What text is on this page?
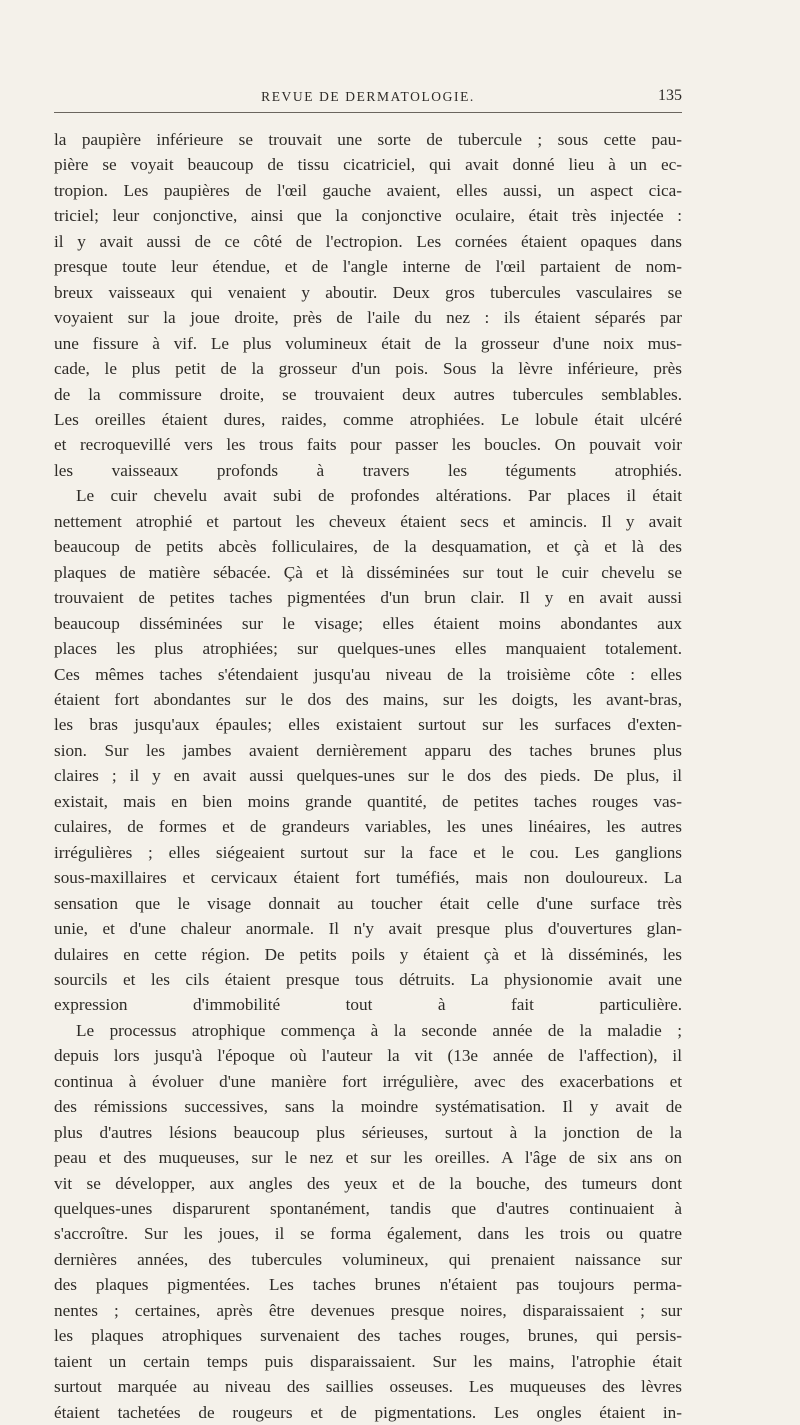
REVUE DE DERMATOLOGIE.	135
la paupière inférieure se trouvait une sorte de tubercule ; sous cette pau-
pière se voyait beaucoup de tissu cicatriciel, qui avait donné lieu à un ec-
tropion. Les paupières de l'œil gauche avaient, elles aussi, un aspect cica-
triciel; leur conjonctive, ainsi que la conjonctive oculaire, était très injectée :
il y avait aussi de ce côté de l'ectropion. Les cornées étaient opaques dans
presque toute leur étendue, et de l'angle interne de l'œil partaient de nom-
breux vaisseaux qui venaient y aboutir. Deux gros tubercules vasculaires se
voyaient sur la joue droite, près de l'aile du nez : ils étaient séparés par
une fissure à vif. Le plus volumineux était de la grosseur d'une noix mus-
cade, le plus petit de la grosseur d'un pois. Sous la lèvre inférieure, près
de la commissure droite, se trouvaient deux autres tubercules semblables.
Les oreilles étaient dures, raides, comme atrophiées. Le lobule était ulcéré
et recroquevillé vers les trous faits pour passer les boucles. On pouvait voir
les vaisseaux profonds à travers les téguments atrophiés.
Le cuir chevelu avait subi de profondes altérations. Par places il était
nettement atrophié et partout les cheveux étaient secs et amincis. Il y avait
beaucoup de petits abcès folliculaires, de la desquamation, et çà et là des
plaques de matière sébacée. Çà et là disséminées sur tout le cuir chevelu se
trouvaient de petites taches pigmentées d'un brun clair. Il y en avait aussi
beaucoup disséminées sur le visage; elles étaient moins abondantes aux
places les plus atrophiées; sur quelques-unes elles manquaient totalement.
Ces mêmes taches s'étendaient jusqu'au niveau de la troisième côte : elles
étaient fort abondantes sur le dos des mains, sur les doigts, les avant-bras,
les bras jusqu'aux épaules; elles existaient surtout sur les surfaces d'exten-
sion. Sur les jambes avaient dernièrement apparu des taches brunes plus
claires ; il y en avait aussi quelques-unes sur le dos des pieds. De plus, il
existait, mais en bien moins grande quantité, de petites taches rouges vas-
culaires, de formes et de grandeurs variables, les unes linéaires, les autres
irrégulières ; elles siégeaient surtout sur la face et le cou. Les ganglions
sous-maxillaires et cervicaux étaient fort tuméfiés, mais non douloureux. La
sensation que le visage donnait au toucher était celle d'une surface très
unie, et d'une chaleur anormale. Il n'y avait presque plus d'ouvertures glan-
dulaires en cette région. De petits poils y étaient çà et là disséminés, les
sourcils et les cils étaient presque tous détruits. La physionomie avait une
expression d'immobilité tout à fait particulière.
Le processus atrophique commença à la seconde année de la maladie ;
depuis lors jusqu'à l'époque où l'auteur la vit (13e année de l'affection), il
continua à évoluer d'une manière fort irrégulière, avec des exacerbations et
des rémissions successives, sans la moindre systématisation. Il y avait de
plus d'autres lésions beaucoup plus sérieuses, surtout à la jonction de la
peau et des muqueuses, sur le nez et sur les oreilles. A l'âge de six ans on
vit se développer, aux angles des yeux et de la bouche, des tumeurs dont
quelques-unes disparurent spontanément, tandis que d'autres continuaient à
s'accroître. Sur les joues, il se forma également, dans les trois ou quatre
dernières années, des tubercules volumineux, qui prenaient naissance sur
des plaques pigmentées. Les taches brunes n'étaient pas toujours perma-
nentes ; certaines, après être devenues presque noires, disparaissaient ; sur
les plaques atrophiques survenaient des taches rouges, brunes, qui persis-
taient un certain temps puis disparaissaient. Sur les mains, l'atrophie était
surtout marquée au niveau des saillies osseuses. Les muqueuses des lèvres
étaient tachetées de rougeurs et de pigmentations. Les ongles étaient in-
